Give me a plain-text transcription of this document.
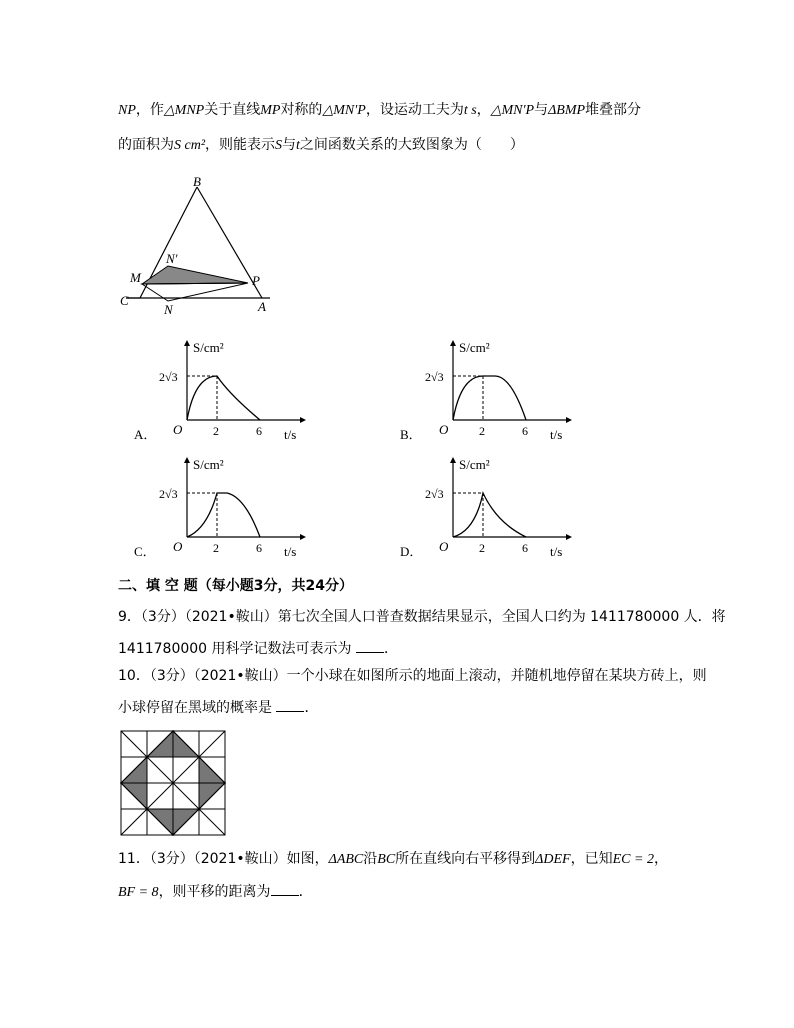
NP，作△MNP关于直线MP对称的△MN′P，设运动工夫为t s，△MN′P与ΔBMP堆叠部分
的面积为S cm²，则能表示S与t之间函数关系的大致图象为（　　）
B
M
N′
P
C
N	A
S/cm²
2√3
O	2	6 t/s
A．
S/cm²
2√3
O	2	6 t/s
B．
S/cm²
2√3
O	2	6 t/s
C．
S/cm²
2√3
O	2	6 t/s
D．
二、填 空 题（每小题3分，共24分）
9．（3分）（2021•鞍山）第七次全国人口普查数据结果显示，全国人口约为 1411780000 人．将
1411780000 用科学记数法可表示为 ．
10．（3分）（2021•鞍山）一个小球在如图所示的地面上滚动，并随机地停留在某块方砖上，则
小球停留在黑域的概率是 ．
11．（3分）（2021•鞍山）如图，ΔABC沿BC所在直线向右平移得到ΔDEF，已知EC = 2，
BF = 8，则平移的距离为 ．
